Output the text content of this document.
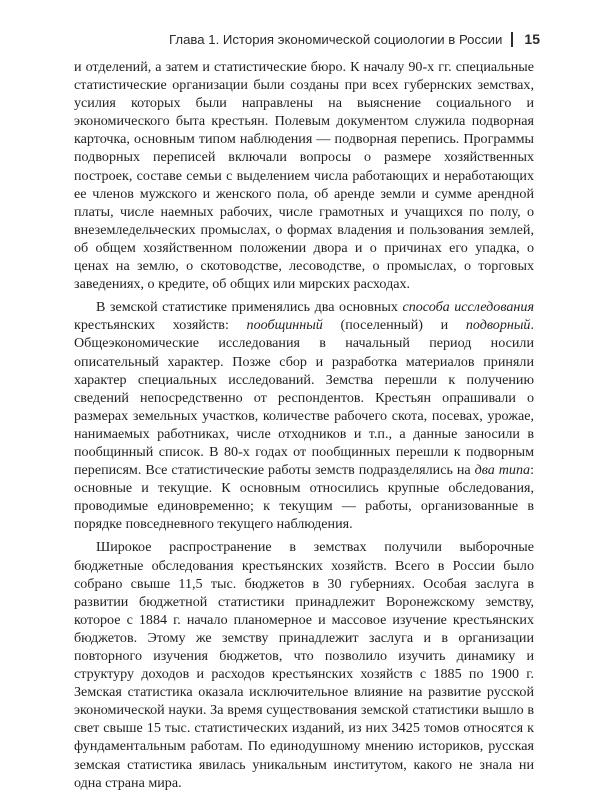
Глава 1. История экономической социологии в России 15

и отделений, а затем и статистические бюро. К началу 90-х гг. специальные статистические организации были созданы при всех губернских земствах, усилия которых были направлены на выяснение социального и экономического быта крестьян. Полевым документом служила подворная карточка, основным типом наблюдения — подворная перепись. Программы подворных переписей включали вопросы о размере хозяйственных построек, составе семьи с выделением числа работающих и неработающих ее членов мужского и женского пола, об аренде земли и сумме арендной платы, числе наемных рабочих, числе грамотных и учащихся по полу, о внеземледельческих промыслах, о формах владения и пользования землей, об общем хозяйственном положении двора и о причинах его упадка, о ценах на землю, о скотоводстве, лесоводстве, о промыслах, о торговых заведениях, о кредите, об общих или мирских расходах.

В земской статистике применялись два основных способа исследования крестьянских хозяйств: пообщинный (поселенный) и подворный. Общеэкономические исследования в начальный период носили описательный характер. Позже сбор и разработка материалов приняли характер специальных исследований. Земства перешли к получению сведений непосредственно от респондентов. Крестьян опрашивали о размерах земельных участков, количестве рабочего скота, посевах, урожае, нанимаемых работниках, числе отходников и т.п., а данные заносили в пообщинный список. В 80-х годах от пообщинных перешли к подворным переписям. Все статистические работы земств подразделялись на два типа: основные и текущие. К основным относились крупные обследования, проводимые единовременно; к текущим — работы, организованные в порядке повседневного текущего наблюдения.

Широкое распространение в земствах получили выборочные бюджетные обследования крестьянских хозяйств. Всего в России было собрано свыше 11,5 тыс. бюджетов в 30 губерниях. Особая заслуга в развитии бюджетной статистики принадлежит Воронежскому земству, которое с 1884 г. начало планомерное и массовое изучение крестьянских бюджетов. Этому же земству принадлежит заслуга и в организации повторного изучения бюджетов, что позволило изучить динамику и структуру доходов и расходов крестьянских хозяйств с 1885 по 1900 г. Земская статистика оказала исключительное влияние на развитие русской экономической науки. За время существования земской статистики вышло в свет свыше 15 тыс. статистических изданий, из них 3425 томов относятся к фундаментальным работам. По единодушному мнению историков, русская земская статистика явилась уникальным институтом, какого не знала ни одна страна мира.
